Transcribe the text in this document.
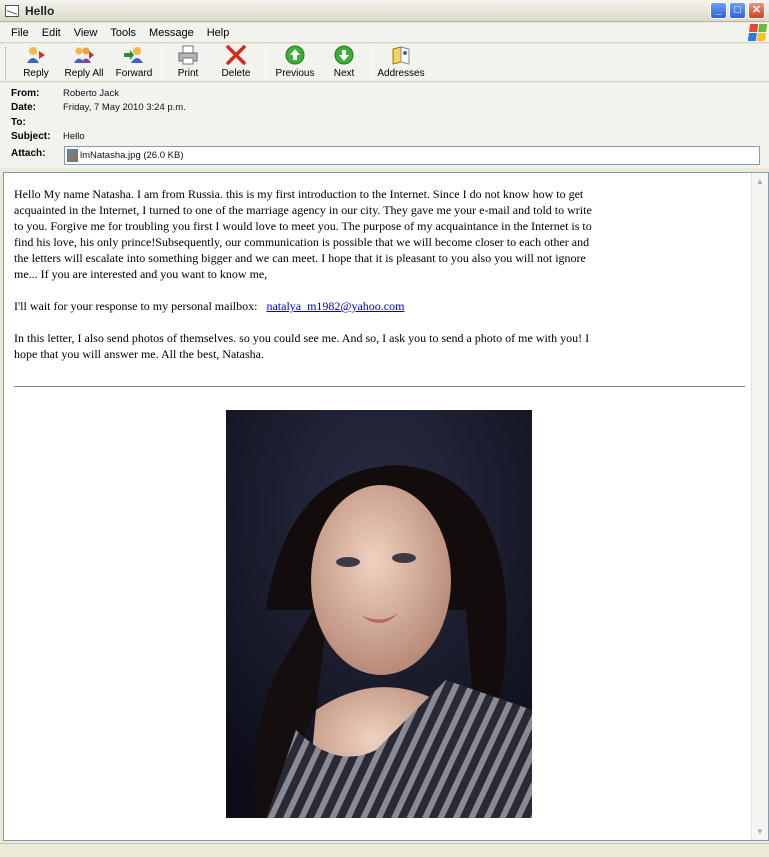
Hello	_	□	✕
File Edit View Tools Message Help
Reply Reply All Forward	Print Delete	Previous Next Addresses
From:	Roberto Jack
Date:	Friday, 7 May 2010 3:24 p.m.
To:
Subject:	Hello
Attach:	lmNatasha.jpg (26.0 KB)

Hello My name Natasha. I am from Russia. this is my first introduction to the Internet. Since I do not know how to get acquainted in the Internet, I turned to one of the marriage agency in our city. They gave me your e-mail and told to write to you. Forgive me for troubling you first I would love to meet you. The purpose of my acquaintance in the Internet is to find his love, his only prince!Subsequently, our communication is possible that we will become closer to each other and the letters will escalate into something bigger and we can meet. I hope that it is pleasant to you also you will not ignore me... If you are interested and you want to know me,

I'll wait for your response to my personal mailbox: natalya_m1982@yahoo.com

In this letter, I also send photos of themselves. so you could see me. And so, I ask you to send a photo of me with you! I hope that you will answer me. All the best, Natasha.

▲
▼
